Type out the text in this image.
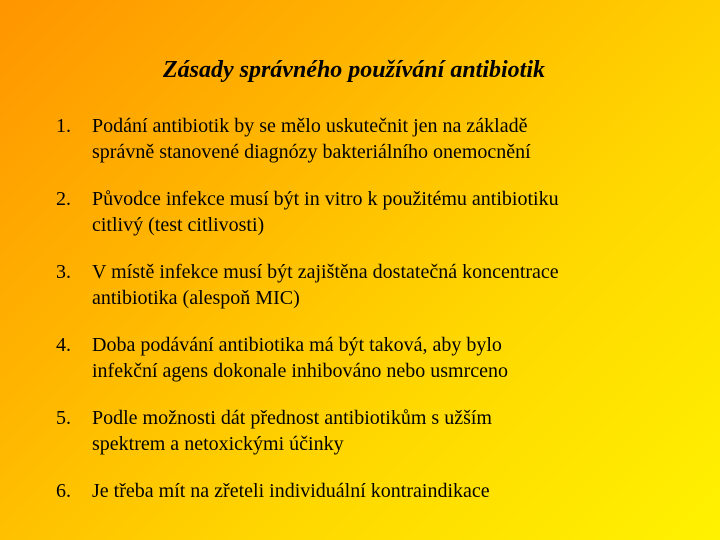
Zásady správného používání antibiotik
1. Podání antibiotik by se mělo uskutečnit jen na základě
správně stanovené diagnózy bakteriálního onemocnění
2. Původce infekce musí být in vitro k použitému antibiotiku
citlivý (test citlivosti)
3. V místě infekce musí být zajištěna dostatečná koncentrace
antibiotika (alespoň MIC)
4. Doba podávání antibiotika má být taková, aby bylo
infekční agens dokonale inhibováno nebo usmrceno
5. Podle možnosti dát přednost antibiotikům s užším
spektrem a netoxickými účinky
6. Je třeba mít na zřeteli individuální kontraindikace
